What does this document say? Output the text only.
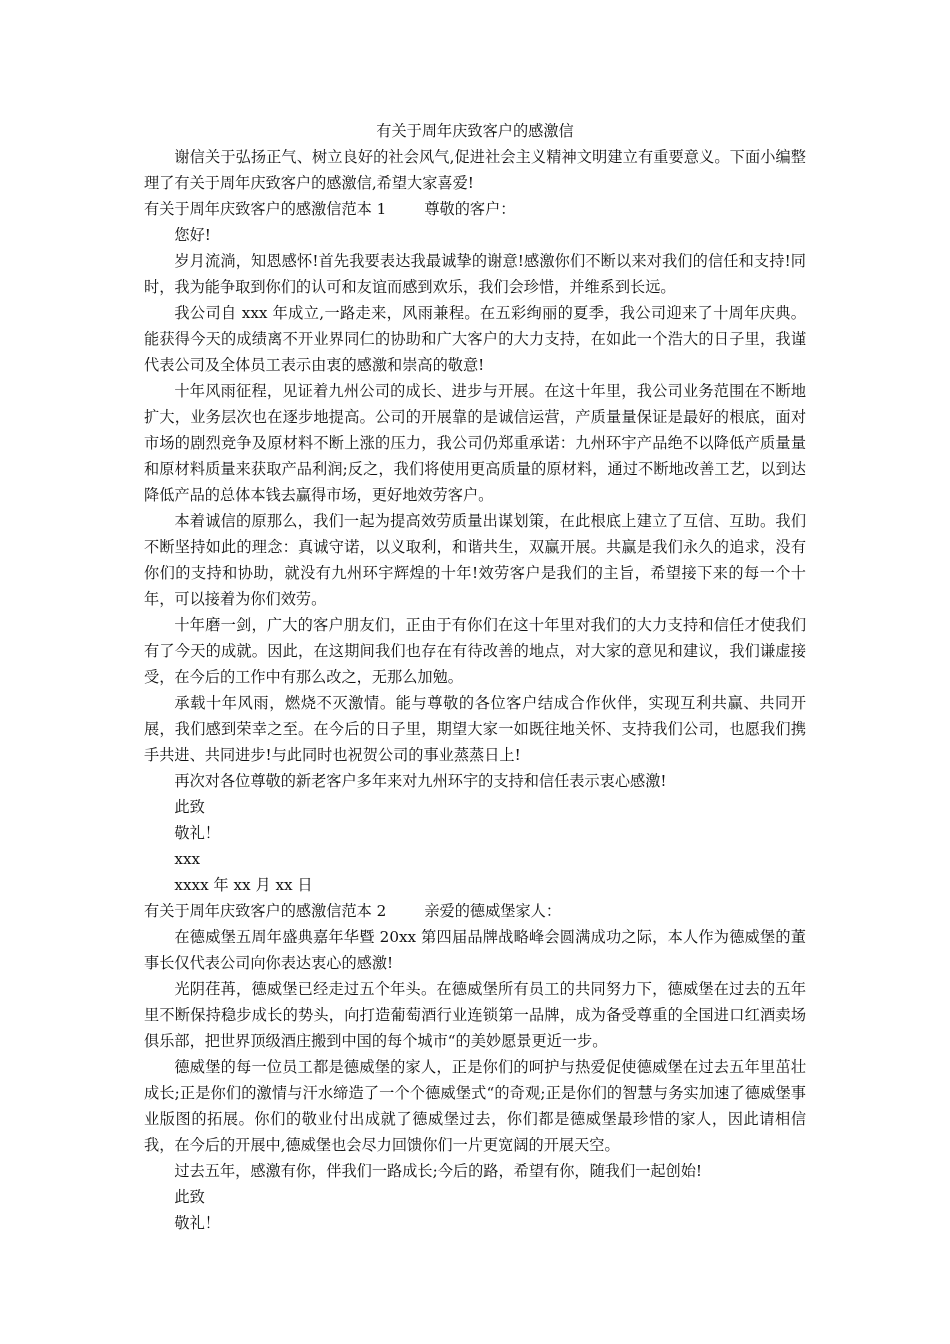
有关于周年庆致客户的感激信
谢信关于弘扬正气、树立良好的社会风气,促进社会主义精神文明建立有重要意义。下面小编整理了有关于周年庆致客户的感激信,希望大家喜爱!
有关于周年庆致客户的感激信范本 1	尊敬的客户：
您好!
岁月流淌，知恩感怀!首先我要表达我最诚挚的谢意!感激你们不断以来对我们的信任和支持!同时，我为能争取到你们的认可和友谊而感到欢乐，我们会珍惜，并维系到长远。
我公司自 xxx 年成立,一路走来，风雨兼程。在五彩绚丽的夏季，我公司迎来了十周年庆典。能获得今天的成绩离不开业界同仁的协助和广大客户的大力支持，在如此一个浩大的日子里，我谨代表公司及全体员工表示由衷的感激和崇高的敬意!
十年风雨征程，见证着九州公司的成长、进步与开展。在这十年里，我公司业务范围在不断地扩大，业务层次也在逐步地提高。公司的开展靠的是诚信运营，产质量量保证是最好的根底，面对市场的剧烈竞争及原材料不断上涨的压力，我公司仍郑重承诺：九州环宇产品绝不以降低产质量量和原材料质量来获取产品利润;反之，我们将使用更高质量的原材料，通过不断地改善工艺，以到达降低产品的总体本钱去赢得市场，更好地效劳客户。
本着诚信的原那么，我们一起为提高效劳质量出谋划策，在此根底上建立了互信、互助。我们不断坚持如此的理念：真诚守诺，以义取利，和谐共生，双赢开展。共赢是我们永久的追求，没有你们的支持和协助，就没有九州环宇辉煌的十年!效劳客户是我们的主旨，希望接下来的每一个十年，可以接着为你们效劳。
十年磨一剑，广大的客户朋友们，正由于有你们在这十年里对我们的大力支持和信任才使我们有了今天的成就。因此，在这期间我们也存在有待改善的地点，对大家的意见和建议，我们谦虚接受，在今后的工作中有那么改之，无那么加勉。
承载十年风雨，燃烧不灭激情。能与尊敬的各位客户结成合作伙伴，实现互利共赢、共同开展，我们感到荣幸之至。在今后的日子里，期望大家一如既往地关怀、支持我们公司，也愿我们携手共进、共同进步!与此同时也祝贺公司的事业蒸蒸日上!
再次对各位尊敬的新老客户多年来对九州环宇的支持和信任表示衷心感激!
此致
敬礼！
xxx
xxxx 年 xx 月 xx 日
有关于周年庆致客户的感激信范本 2	亲爱的德威堡家人：
在德威堡五周年盛典嘉年华暨 20xx 第四届品牌战略峰会圆满成功之际，本人作为德威堡的董事长仅代表公司向你表达衷心的感激!
光阴荏苒，德威堡已经走过五个年头。在德威堡所有员工的共同努力下，德威堡在过去的五年里不断保持稳步成长的势头，向打造葡萄酒行业连锁第一品牌，成为备受尊重的全国进口红酒卖场俱乐部，把世界顶级酒庄搬到中国的每个城市“的美妙愿景更近一步。
德威堡的每一位员工都是德威堡的家人，正是你们的呵护与热爱促使德威堡在过去五年里茁壮成长;正是你们的激情与汗水缔造了一个个德威堡式“的奇观;正是你们的智慧与务实加速了德威堡事业版图的拓展。你们的敬业付出成就了德威堡过去，你们都是德威堡最珍惜的家人，因此请相信我，在今后的开展中,德威堡也会尽力回馈你们一片更宽阔的开展天空。
过去五年，感激有你，伴我们一路成长;今后的路，希望有你，随我们一起创始!
此致
敬礼！
